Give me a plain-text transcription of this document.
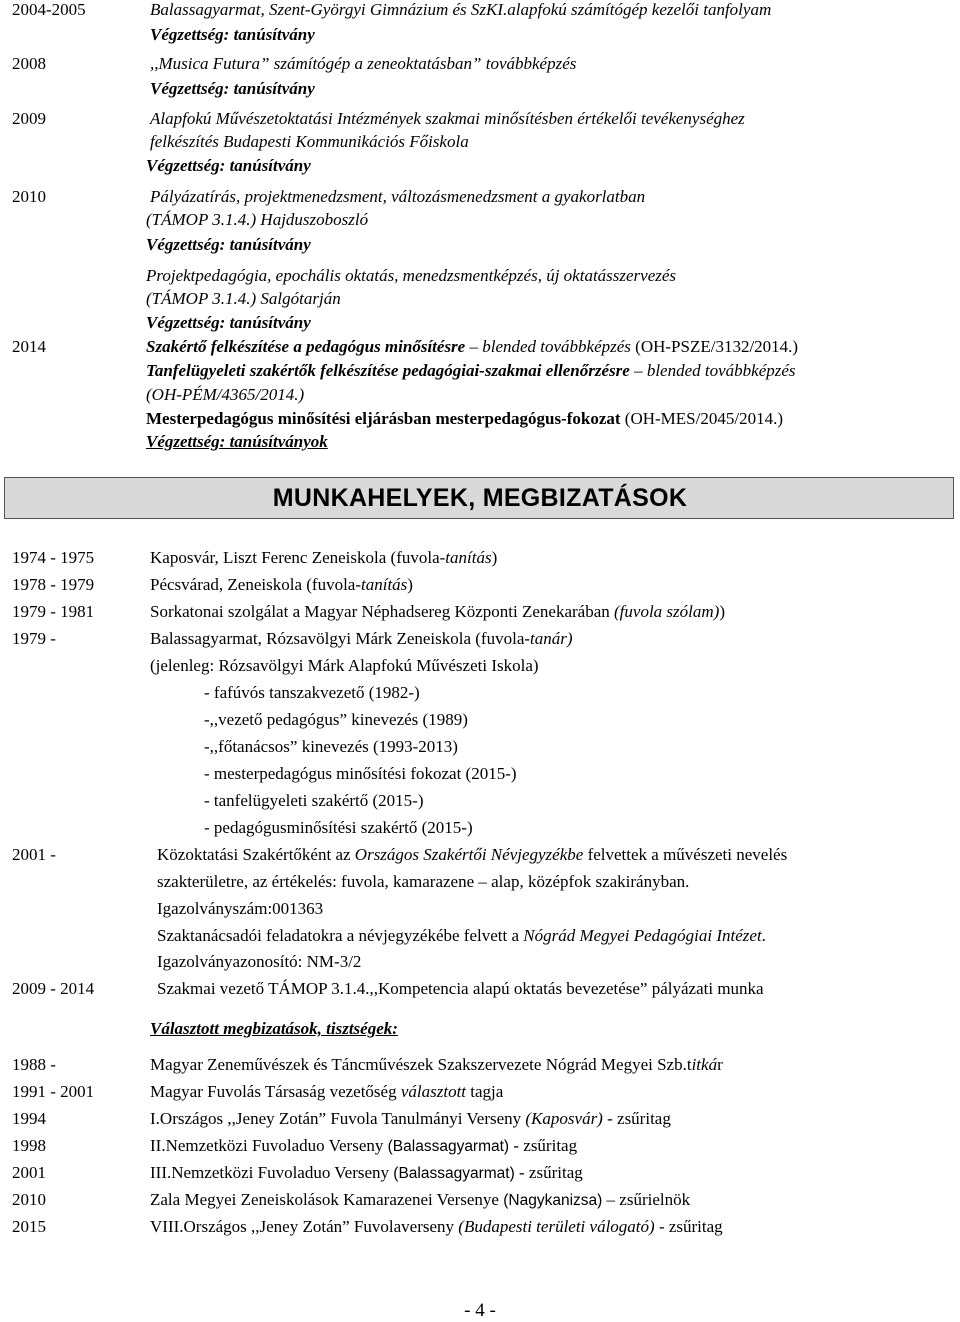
2004-2005	Balassagyarmat, Szent-Györgyi Gimnázium és SzKI.alapfokú számítógép kezelői tanfolyam
Végzettség: tanúsítvány
2008	,,Musica Futura” számítógép a zeneoktatásban” továbbképzés
Végzettség: tanúsítvány
2009	Alapfokú Művészetoktatási Intézmények szakmai minősítésben értékelői tevékenységhez
felkészítés Budapesti Kommunikációs Főiskola
Végzettség: tanúsítvány
2010	Pályázatírás, projektmenedzsment, változásmenedzsment a gyakorlatban
(TÁMOP 3.1.4.) Hajduszoboszló
Végzettség: tanúsítvány
Projektpedagógia, epochális oktatás, menedzsmentképzés, új oktatásszervezés
(TÁMOP 3.1.4.) Salgótarján
Végzettség: tanúsítvány
2014	Szakértő felkészítése a pedagógus minősítésre – blended továbbképzés (OH-PSZE/3132/2014.)
Tanfelügyeleti szakértők felkészítése pedagógiai-szakmai ellenőrzésre – blended továbbképzés
(OH-PÉM/4365/2014.)
Mesterpedagógus minősítési eljárásban mesterpedagógus-fokozat (OH-MES/2045/2014.)
Végzettség: tanúsítványok
MUNKAHELYEK, MEGBIZATÁSOK
1974 - 1975	Kaposvár, Liszt Ferenc Zeneiskola (fuvola-tanítás)
1978 - 1979	Pécsvárad, Zeneiskola (fuvola-tanítás)
1979 - 1981	Sorkatonai szolgálat a Magyar Néphadsereg Központi Zenekarában (fuvola szólam))
1979 -	Balassagyarmat, Rózsavölgyi Márk Zeneiskola (fuvola-tanár)
(jelenleg: Rózsavölgyi Márk Alapfokú Művészeti Iskola)
- fafúvós tanszakvezető (1982-)
-,,vezető pedagógus” kinevezés (1989)
-,,főtanácsos” kinevezés (1993-2013)
- mesterpedagógus minősítési fokozat (2015-)
- tanfelügyeleti szakértő (2015-)
- pedagógusminősítési szakértő (2015-)
2001 -	Közoktatási Szakértőként az Országos Szakértői Névjegyzékbe felvettek a művészeti nevelés
szakterületre, az értékelés: fuvola, kamarazene – alap, középfok szakirányban.
Igazolványszám:001363
Szaktanácsadói feladatokra a névjegyzékébe felvett a Nógrád Megyei Pedagógiai Intézet.
Igazolványazonosító: NM-3/2
2009 - 2014	Szakmai vezető TÁMOP 3.1.4.,,Kompetencia alapú oktatás bevezetése” pályázati munka
Választott megbizatások, tisztségek:
1988 -	Magyar Zeneművészek és Táncművészek Szakszervezete Nógrád Megyei Szb.titkár
1991 - 2001	Magyar Fuvolás Társaság vezetőség választott tagja
1994	I.Országos ,,Jeney Zotán” Fuvola Tanulmányi Verseny (Kaposvár) - zsűritag
1998	II.Nemzetközi Fuvoladuo Verseny (Balassagyarmat) - zsűritag
2001	III.Nemzetközi Fuvoladuo Verseny (Balassagyarmat) - zsűritag
2010	Zala Megyei Zeneiskolások Kamarazenei Versenye (Nagykanizsa) – zsűrielnök
2015	VIII.Országos ,,Jeney Zotán” Fuvolaverseny (Budapesti területi válogató) - zsűritag
- 4 -
